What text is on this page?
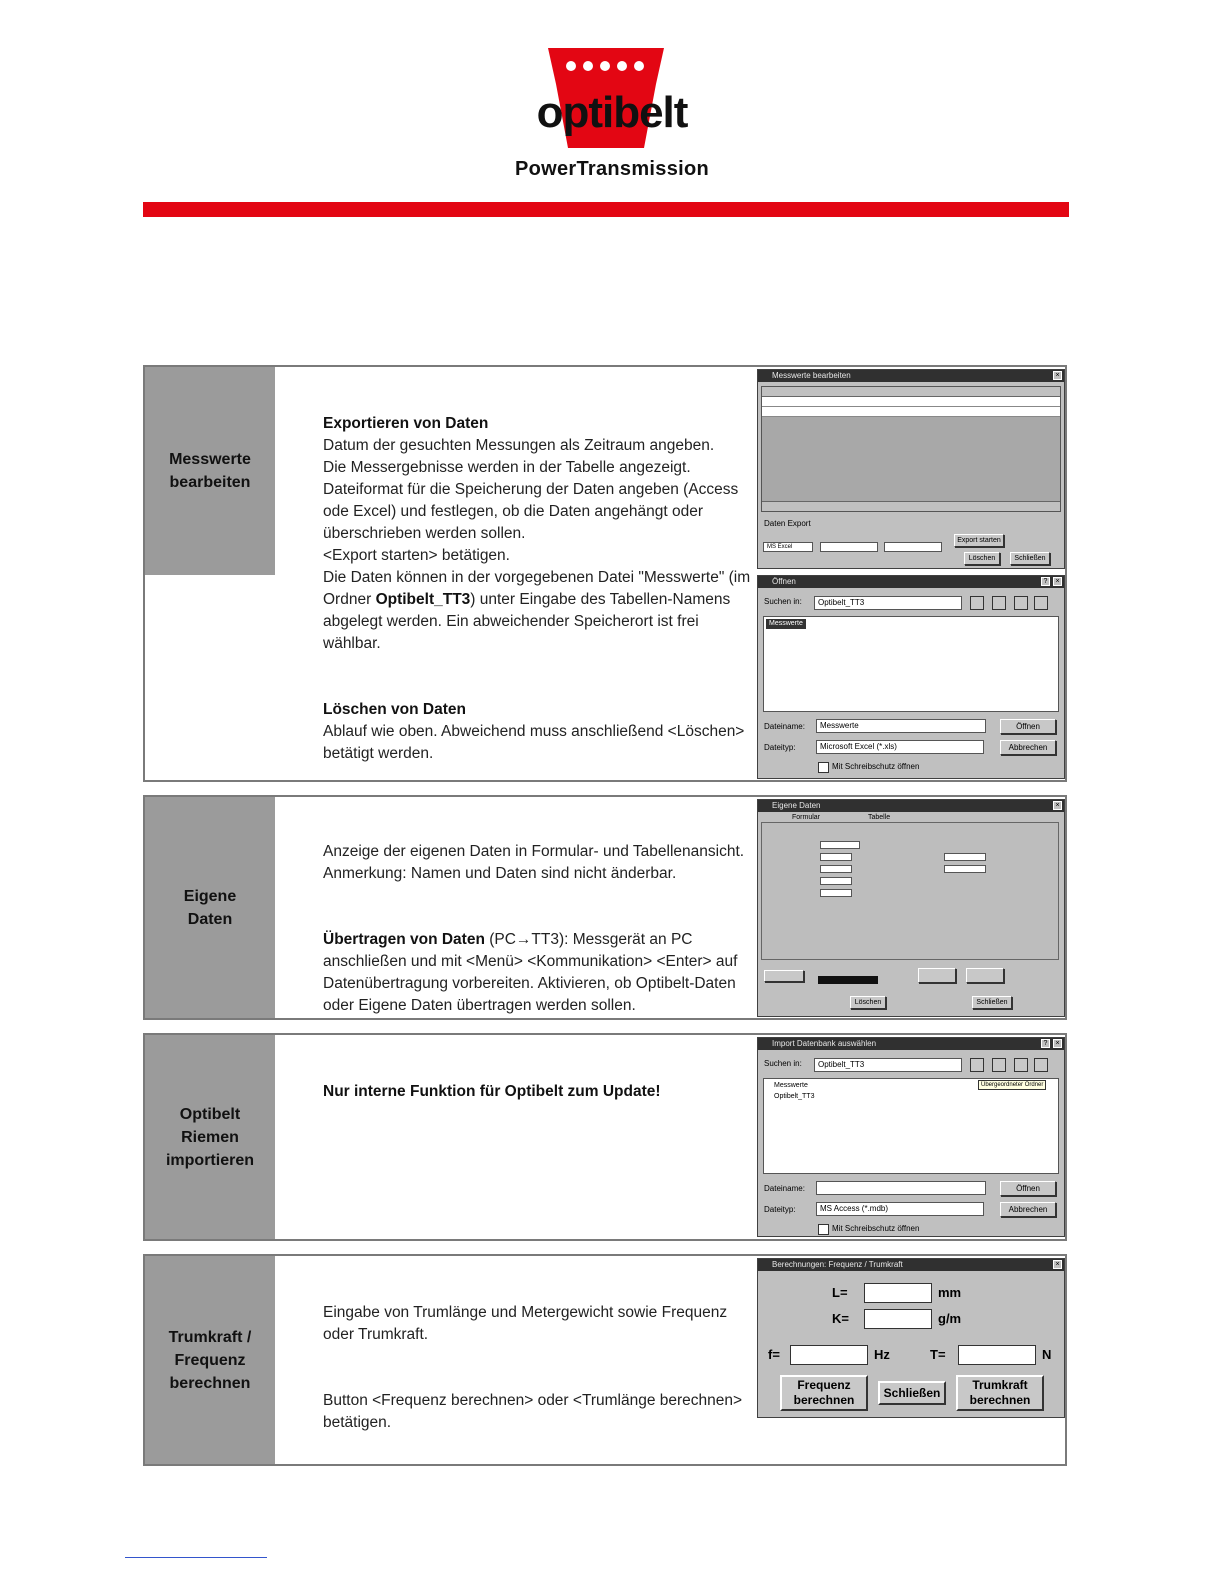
optibelt
PowerTransmission
Messwerte
bearbeiten

Exportieren von Daten
Datum der gesuchten Messungen als Zeitraum angeben.
Die Messergebnisse werden in der Tabelle angezeigt.
Dateiformat für die Speicherung der Daten angeben (Access ode Excel) und festlegen, ob die Daten angehängt oder überschrieben werden sollen.
<Export starten> betätigen.
Die Daten können in der vorgegebenen Datei "Messwerte" (im Ordner Optibelt_TT3) unter Eingabe des Tabellen-Namens abgelegt werden. Ein abweichender Speicherort ist frei wählbar.

Löschen von Daten
Ablauf wie oben. Abweichend muss anschließend <Löschen> betätigt werden.

Messwerte bearbeiten	×
Daten Export
MS Excel
Export starten
Löschen	Schließen
Öffnen	×
?
Suchen in:	Optibelt_TT3
Messwerte
Dateiname:	Messwerte
Dateityp:	Microsoft Excel (*.xls)
Öffnen
Abbrechen
Mit Schreibschutz öffnen
Eigene
Daten

Anzeige der eigenen Daten in Formular- und Tabellenansicht.
Anmerkung: Namen und Daten sind nicht änderbar.

Übertragen von Daten (PC→TT3): Messgerät an PC anschließen und mit <Menü> <Kommunikation> <Enter> auf Datenübertragung vorbereiten. Aktivieren, ob Optibelt-Daten oder Eigene Daten übertragen werden sollen.

Eigene Daten	×
Formular	Tabelle
Löschen	Schließen
Optibelt
Riemen
importieren

Nur interne Funktion für Optibelt zum Update!

Import Datenbank auswählen	×
?
Suchen in:	Optibelt_TT3
Messwerte
Optibelt_TT3
Übergeordneter Ordner
Dateiname:
Dateityp:	MS Access (*.mdb)
Öffnen
Abbrechen
Mit Schreibschutz öffnen
Trumkraft /
Frequenz
berechnen

Eingabe von Trumlänge und Metergewicht sowie Frequenz oder Trumkraft.

Button <Frequenz berechnen> oder <Trumlänge berechnen> betätigen.

Berechnungen: Frequenz / Trumkraft	×
L=	mm
K=	g/m
f=	Hz	T=	N
Frequenz
berechnen
Schließen
Trumkraft
berechnen
